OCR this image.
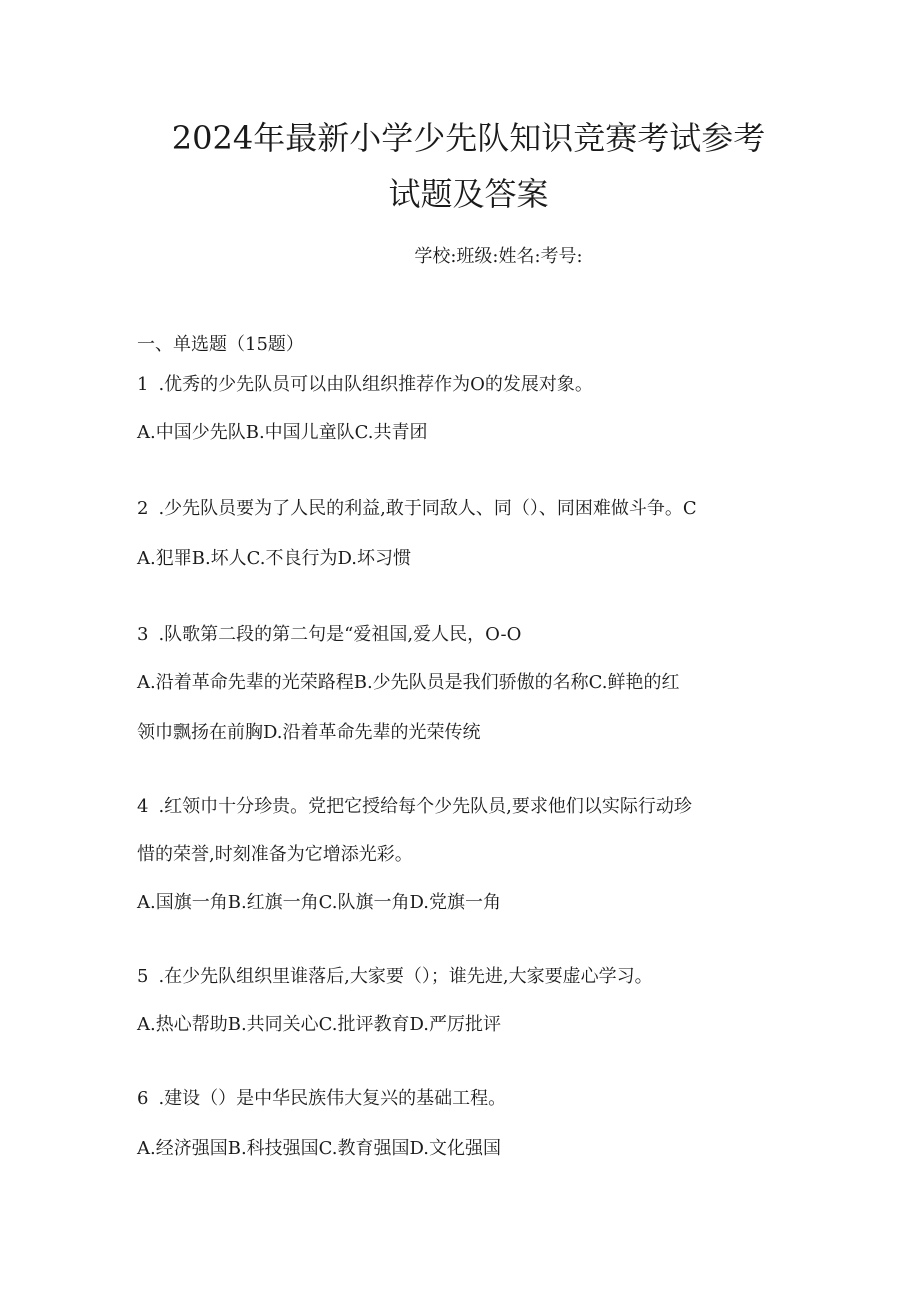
2024年最新小学少先队知识竞赛考试参考
试题及答案
学校:班级:姓名:考号:
一、单选题（15题）

1 .优秀的少先队员可以由队组织推荐作为O的发展对象。

A.中国少先队B.中国儿童队C.共青团

2 .少先队员要为了人民的利益,敢于同敌人、同（）、同困难做斗争。C

A.犯罪B.坏人C.不良行为D.坏习惯

3 .队歌第二段的第二句是“爱祖国,爱人民，O-O

A.沿着革命先辈的光荣路程B.少先队员是我们骄傲的名称C.鲜艳的红

领巾飘扬在前胸D.沿着革命先辈的光荣传统

4 .红领巾十分珍贵。党把它授给每个少先队员,要求他们以实际行动珍

惜的荣誉,时刻准备为它增添光彩。

A.国旗一角B.红旗一角C.队旗一角D.党旗一角

5 .在少先队组织里谁落后,大家要（）；谁先进,大家要虚心学习。

A.热心帮助B.共同关心C.批评教育D.严厉批评

6 .建设（）是中华民族伟大复兴的基础工程。

A.经济强国B.科技强国C.教育强国D.文化强国
